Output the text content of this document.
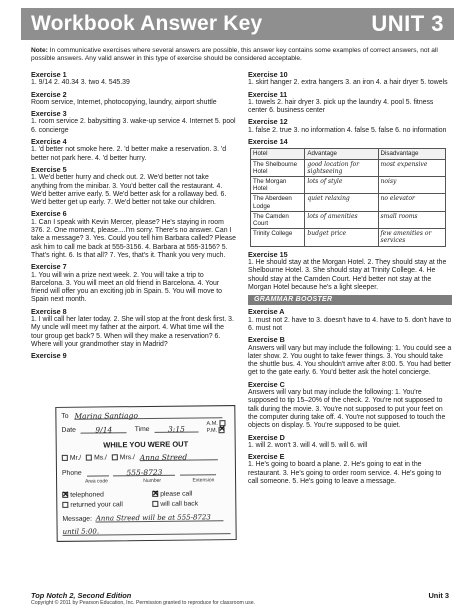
Workbook Answer Key	UNIT 3
Note: In communicative exercises where several answers are possible, this answer key contains some examples of correct answers, not all possible answers. Any valid answer in this type of exercise should be considered acceptable.
Exercise 1
1. 9/14 2. 40.34 3. two 4. 545.39
Exercise 2
Room service, Internet, photocopying, laundry, airport shuttle
Exercise 3
1. room service 2. babysitting 3. wake-up service 4. Internet 5. pool 6. concierge
Exercise 4
1. 'd better not smoke here. 2. 'd better make a reservation. 3. 'd better not park here. 4. 'd better hurry.
Exercise 5
1. We'd better hurry and check out. 2. We'd better not take anything from the minibar. 3. You'd better call the restaurant. 4. We'd better arrive early. 5. We'd better ask for a rollaway bed. 6. We'd better get up early. 7. We'd better not take our children.
Exercise 6
1. Can I speak with Kevin Mercer, please? He's staying in room 376. 2. One moment, please....I'm sorry. There's no answer. Can I take a message? 3. Yes. Could you tell him Barbara called? Please ask him to call me back at 555-3156. 4. Barbara at 555-3156? 5. That's right. 6. Is that all? 7. Yes, that's it. Thank you very much.
Exercise 7
1. You will win a prize next week. 2. You will take a trip to Barcelona. 3. You will meet an old friend in Barcelona. 4. Your friend will offer you an exciting job in Spain. 5. You will move to Spain next month.
Exercise 8
1. I will call her later today. 2. She will stop at the front desk first. 3. My uncle will meet my father at the airport. 4. What time will the tour group get back? 5. When will they make a reservation? 6. Where will your grandmother stay in Madrid?
Exercise 9
To Marina Santiago
Date	9/14	Time 3:15
A.M.
P.M. ✕
WHILE YOU WERE OUT
Mr./ Ms./ Mrs./ Anna Streed
Phone	555-8723
Area code	Number	Extension
✕telephoned ✕	please call
returned your call	will call back
Message: Anna Streed will be at 555-8723
until 5:00.
Exercise 10
1. skirt hanger 2. extra hangers 3. an iron 4. a hair dryer 5. towels
Exercise 11
1. towels 2. hair dryer 3. pick up the laundry 4. pool 5. fitness center 6. business center
Exercise 12
1. false 2. true 3. no information 4. false 5. false 6. no information
Exercise 14
Hotel	Advantage	Disadvantage
The Shelbourne Hotel	good location for sightseeing	most expensive
The Morgan Hotel	lots of style	noisy
The Aberdeen Lodge	quiet relaxing	no elevator
The Camden Court	lots of amenities	small rooms
Trinity College	budget price	few amenities or services
Exercise 15
1. He should stay at the Morgan Hotel. 2. They should stay at the Shelbourne Hotel. 3. She should stay at Trinity College. 4. He should stay at the Camden Court. He'd better not stay at the Morgan Hotel because he's a light sleeper.
GRAMMAR BOOSTER
Exercise A
1. must not 2. have to 3. doesn't have to 4. have to 5. don't have to 6. must not
Exercise B
Answers will vary but may include the following: 1. You could see a later show. 2. You ought to take fewer things. 3. You should take the shuttle bus. 4. You shouldn't arrive after 8:00. 5. You had better get to the gate early. 6. You'd better ask the hotel concierge.
Exercise C
Answers will vary but may include the following: 1. You're supposed to tip 15–20% of the check. 2. You're not supposed to talk during the movie. 3. You're not supposed to put your feet on the computer during take off. 4. You're not supposed to touch the objects on display. 5. You're supposed to be quiet.
Exercise D
1. will 2. won't 3. will 4. will 5. will 6. will
Exercise E
1. He's going to board a plane. 2. He's going to eat in the restaurant. 3. He's going to order room service. 4. He's going to call someone. 5. He's going to leave a message.
Top Notch 2, Second Edition	Unit 3
Copyright © 2011 by Pearson Education, Inc. Permission granted to reproduce for classroom use.
